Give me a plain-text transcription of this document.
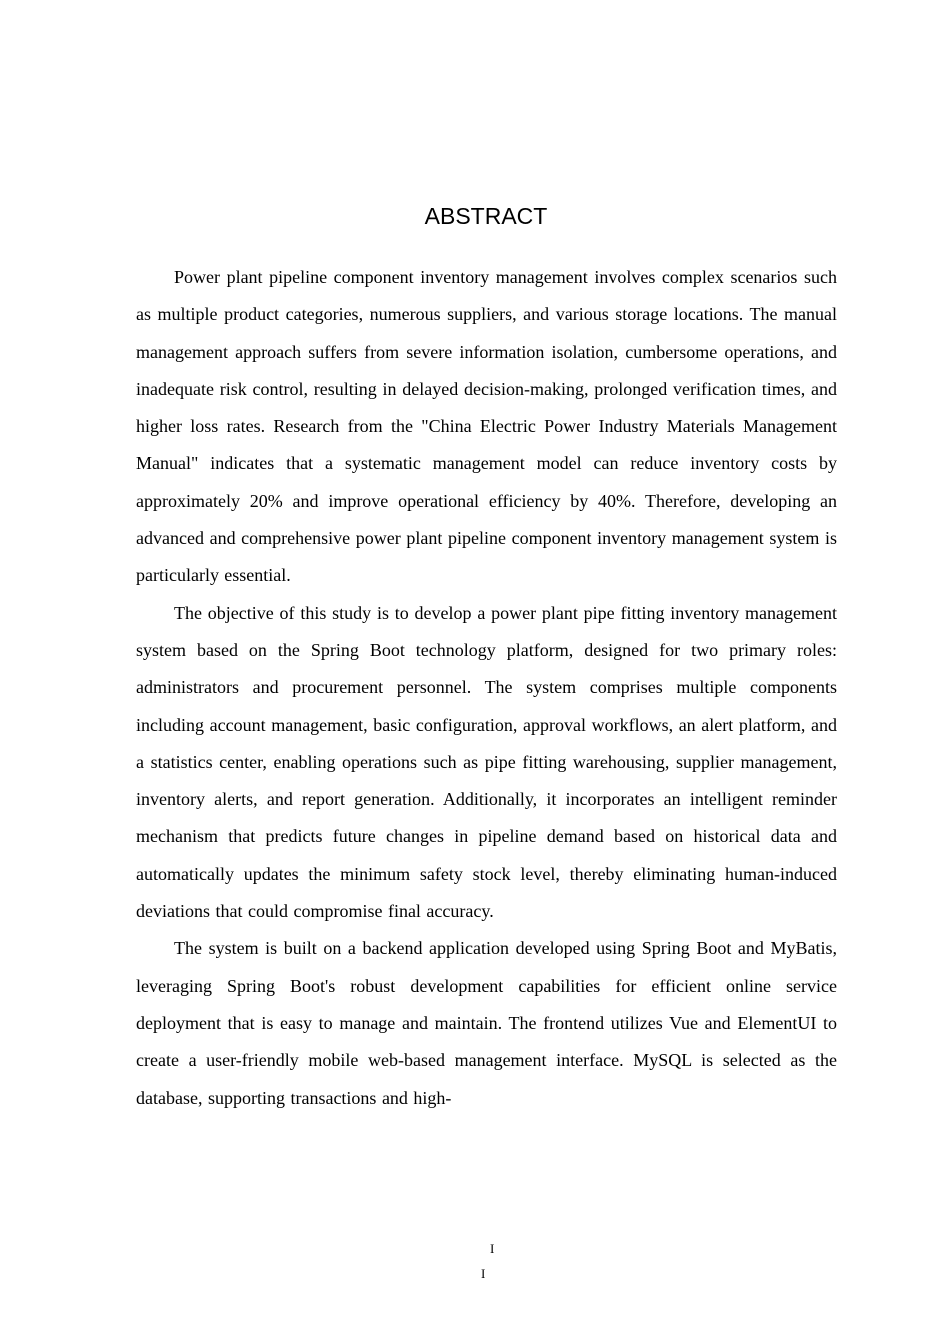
ABSTRACT

Power plant pipeline component inventory management involves complex scenarios such as multiple product categories, numerous suppliers, and various storage locations. The manual management approach suffers from severe information isolation, cumbersome operations, and inadequate risk control, resulting in delayed decision-making, prolonged verification times, and higher loss rates. Research from the "China Electric Power Industry Materials Management Manual" indicates that a systematic management model can reduce inventory costs by approximately 20% and improve operational efficiency by 40%. Therefore, developing an advanced and comprehensive power plant pipeline component inventory management system is particularly essential.

The objective of this study is to develop a power plant pipe fitting inventory management system based on the Spring Boot technology platform, designed for two primary roles: administrators and procurement personnel. The system comprises multiple components including account management, basic configuration, approval workflows, an alert platform, and a statistics center, enabling operations such as pipe fitting warehousing, supplier management, inventory alerts, and report generation. Additionally, it incorporates an intelligent reminder mechanism that predicts future changes in pipeline demand based on historical data and automatically updates the minimum safety stock level, thereby eliminating human-induced deviations that could compromise final accuracy.

The system is built on a backend application developed using Spring Boot and MyBatis, leveraging Spring Boot's robust development capabilities for efficient online service deployment that is easy to manage and maintain. The frontend utilizes Vue and ElementUI to create a user-friendly mobile web-based management interface. MySQL is selected as the database, supporting transactions and high-

I
I
